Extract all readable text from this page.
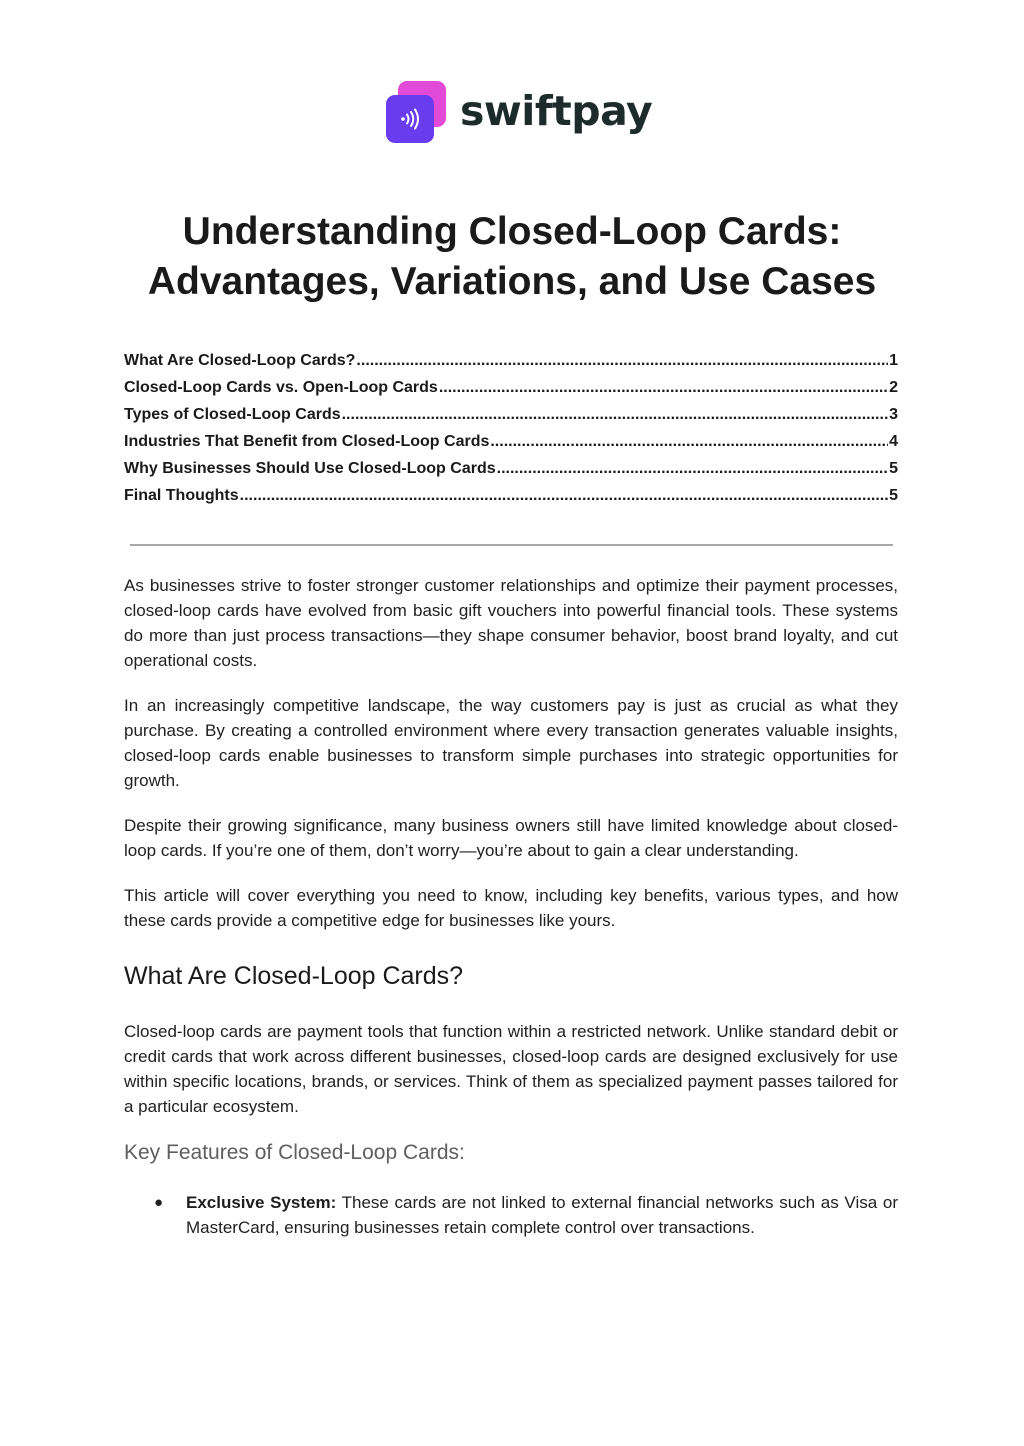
swiftpay
Understanding Closed-Loop Cards:
Advantages, Variations, and Use Cases
What Are Closed-Loop Cards? .....	1
Closed-Loop Cards vs. Open-Loop Cards .....	2
Types of Closed-Loop Cards .....	3
Industries That Benefit from Closed-Loop Cards .....	4
Why Businesses Should Use Closed-Loop Cards .....	5
Final Thoughts .....	5

As businesses strive to foster stronger customer relationships and optimize their payment processes, closed-loop cards have evolved from basic gift vouchers into powerful financial tools. These systems do more than just process transactions—they shape consumer behavior, boost brand loyalty, and cut operational costs.

In an increasingly competitive landscape, the way customers pay is just as crucial as what they purchase. By creating a controlled environment where every transaction generates valuable insights, closed-loop cards enable businesses to transform simple purchases into strategic opportunities for growth.

Despite their growing significance, many business owners still have limited knowledge about closed-loop cards. If you’re one of them, don’t worry—you’re about to gain a clear understanding.

This article will cover everything you need to know, including key benefits, various types, and how these cards provide a competitive edge for businesses like yours.

What Are Closed-Loop Cards?

Closed-loop cards are payment tools that function within a restricted network. Unlike standard debit or credit cards that work across different businesses, closed-loop cards are designed exclusively for use within specific locations, brands, or services. Think of them as specialized payment passes tailored for a particular ecosystem.

Key Features of Closed-Loop Cards:
● Exclusive System: These cards are not linked to external financial networks such as Visa or MasterCard, ensuring businesses retain complete control over transactions.
